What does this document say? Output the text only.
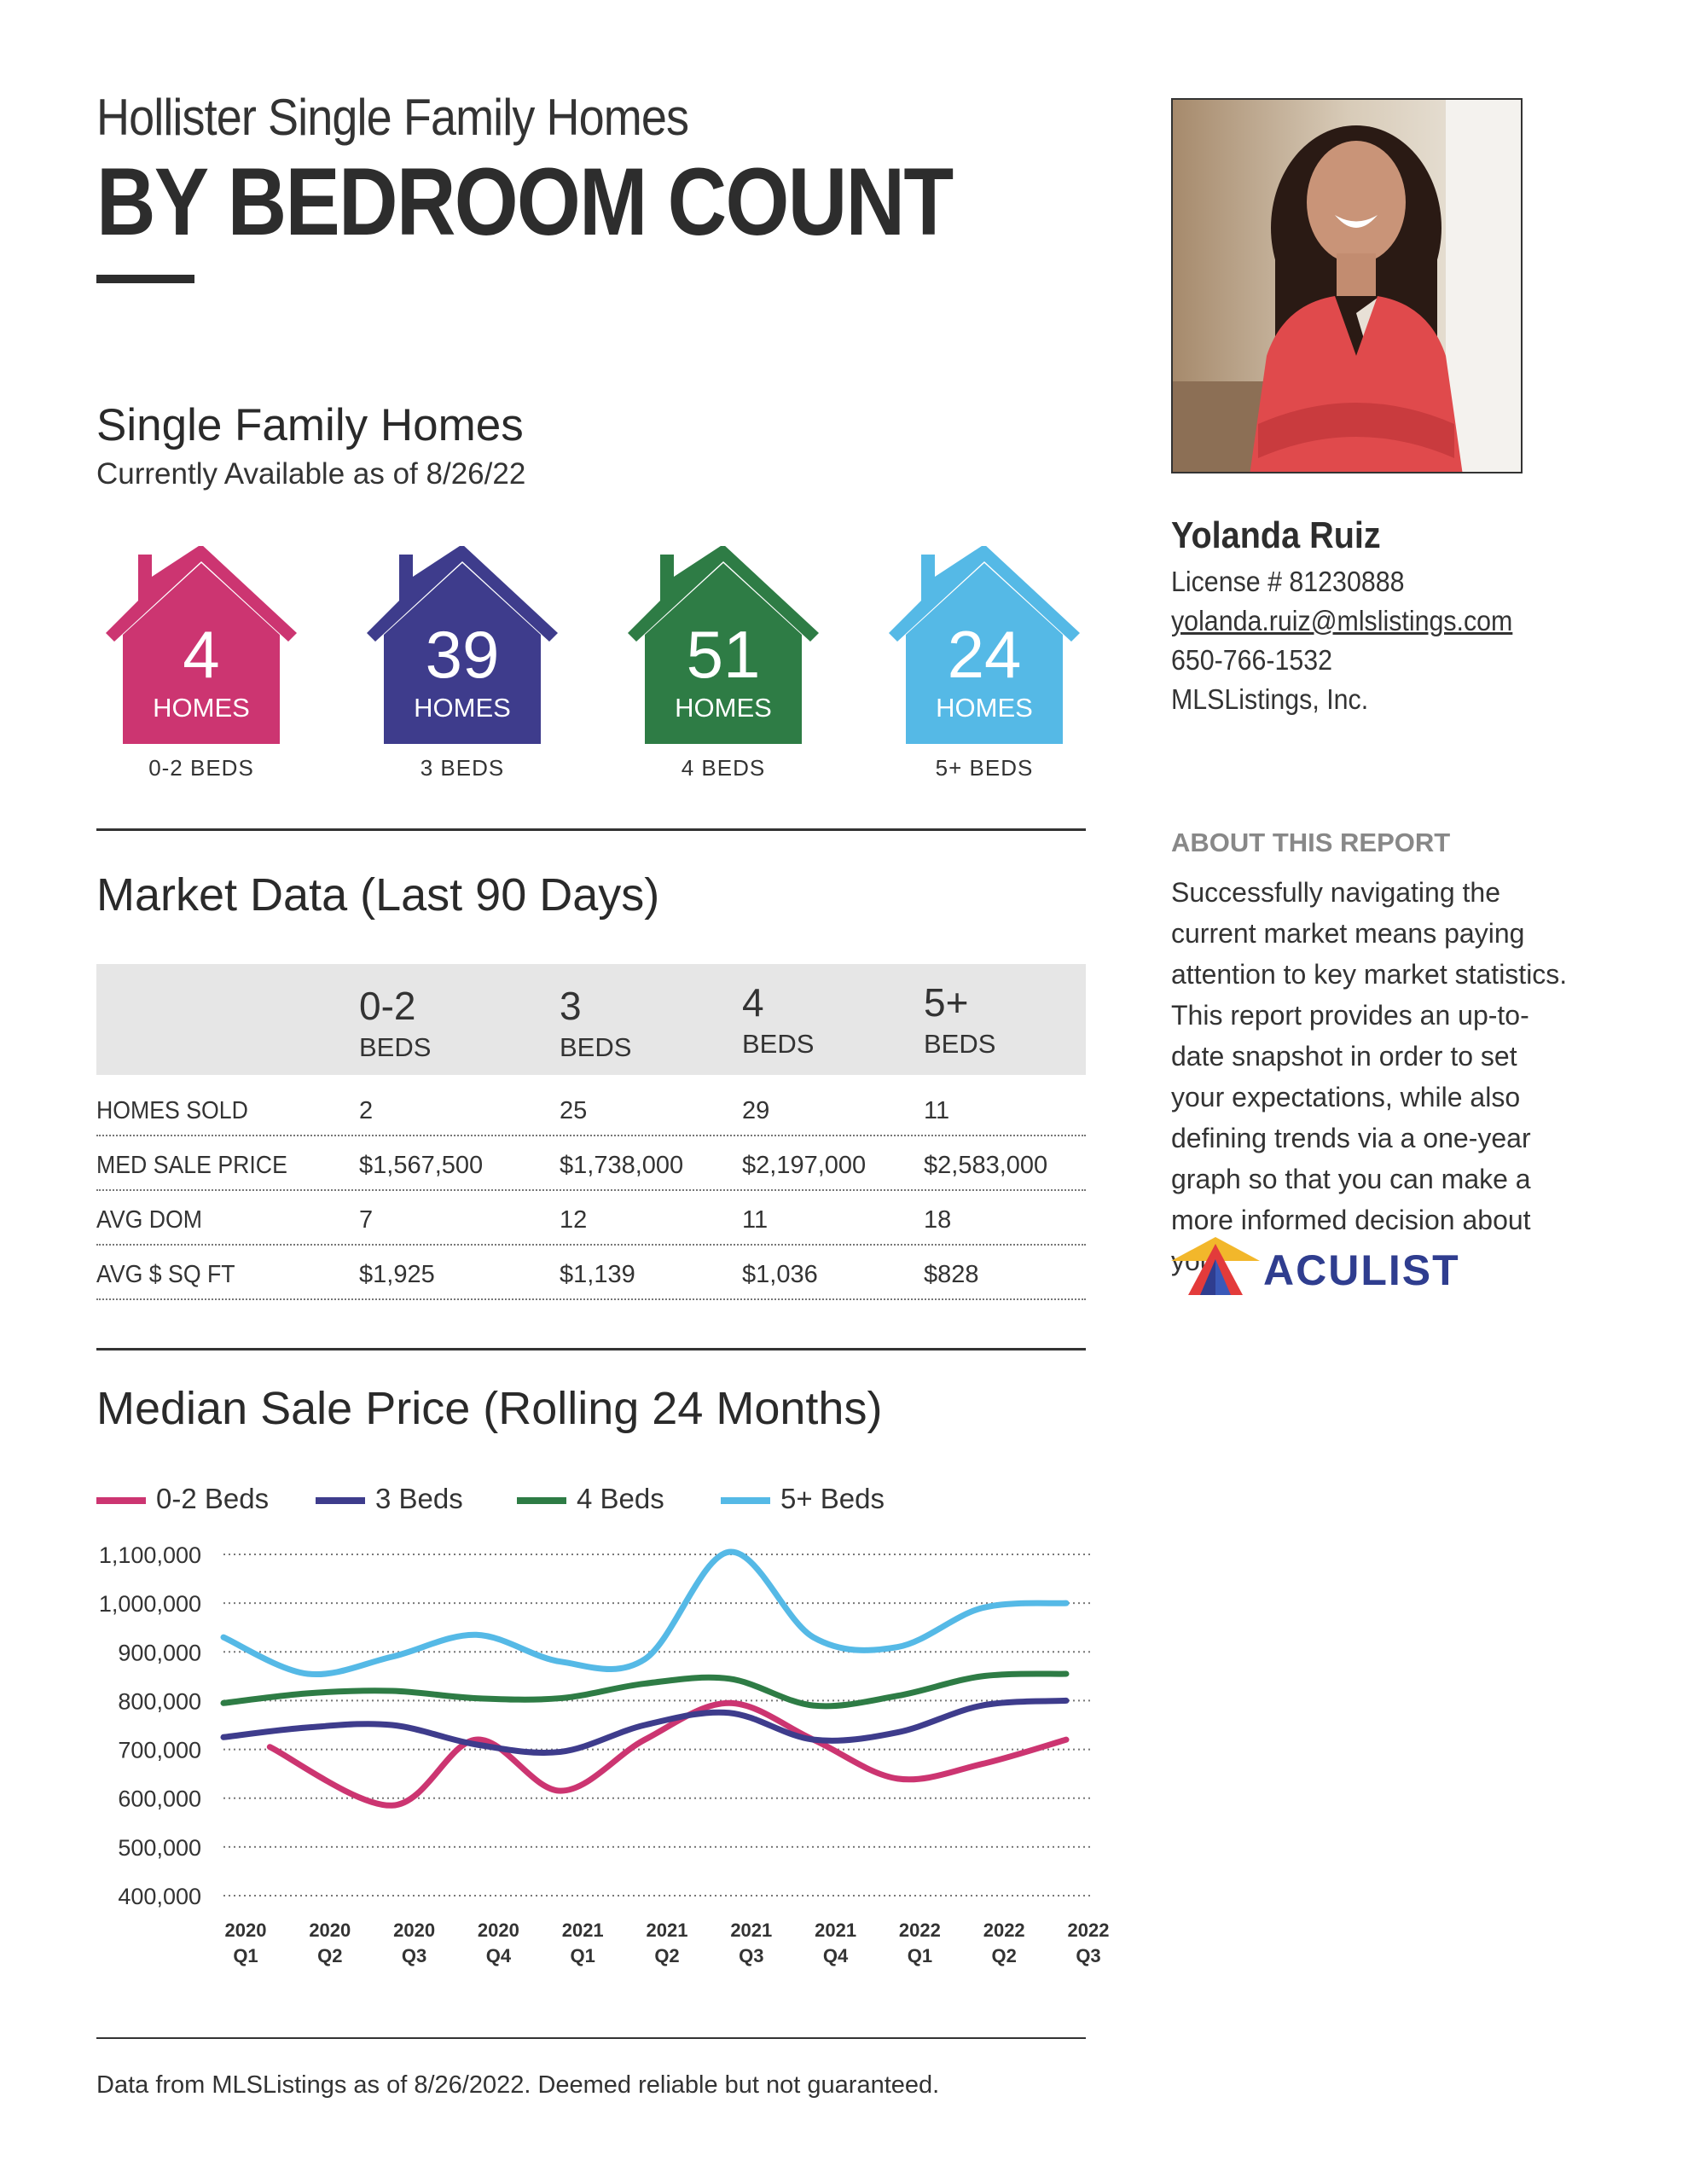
Hollister Single Family Homes
BY BEDROOM COUNT
Single Family Homes
Currently Available as of 8/26/22
4
HOMES
0-2 BEDS
39
HOMES
3 BEDS
51
HOMES
4 BEDS
24
HOMES
5+ BEDS
Market Data (Last 90 Days)
0-2
BEDS
3
BEDS
4
BEDS
5+
BEDS
HOMES SOLD	2	25	29	11
MED SALE PRICE	$1,567,500	$1,738,000 $2,197,000 $2,583,000
AVG DOM	7	12	11	18
AVG $ SQ FT	$1,925	$1,139	$1,036	$828
Median Sale Price (Rolling 24 Months)
0-2 Beds	3 Beds	4 Beds	5+ Beds
1,100,000
1,000,000
900,000
800,000
700,000
600,000
500,000
400,000
2020
Q1
2020
Q2
2020
Q3
2020
Q4
2021
Q1
2021
Q2
2021
Q3
2021
Q4
2022
Q1
2022
Q2
2022
Q3
Data from MLSListings as of 8/26/2022. Deemed reliable but not guaranteed.
Yolanda Ruiz
License # 81230888
yolanda.ruiz@mlslistings.com
650-766-1532
MLSListings, Inc.
ABOUT THIS REPORT
Successfully navigating the current market means paying attention to key market statistics. This report provides an up-to-date snapshot in order to set your expectations, while also defining trends via a one-year graph so that you can make a more informed decision about
ACULIST
